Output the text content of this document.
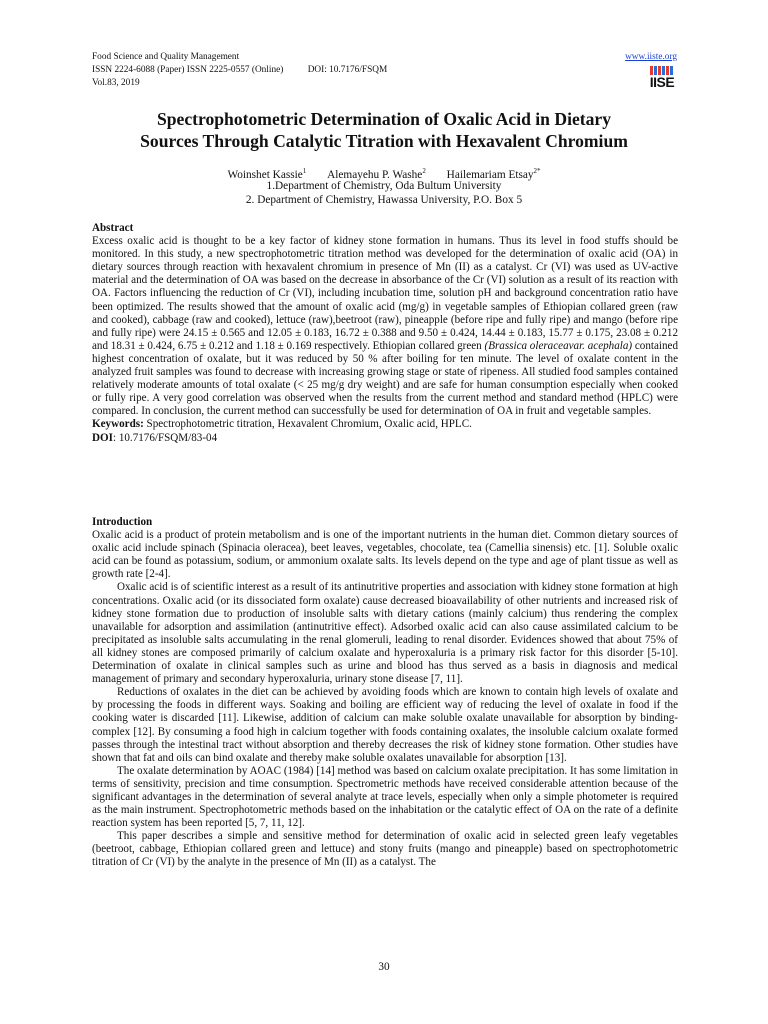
Food Science and Quality Management
ISSN 2224-6088 (Paper) ISSN 2225-0557 (Online)	DOI: 10.7176/FSQM
Vol.83, 2019
www.iiste.org
IISE
Spectrophotometric Determination of Oxalic Acid in Dietary
Sources Through Catalytic Titration with Hexavalent Chromium
Woinshet Kassie$^1$ Alemayehu P. Washe$^2$ Hailemariam Etsay$^{2*}$
1.Department of Chemistry, Oda Bultum University
2. Department of Chemistry, Hawassa University, P.O. Box 5

Abstract

Excess oxalic acid is thought to be a key factor of kidney stone formation in humans. Thus its level in food stuffs should be monitored. In this study, a new spectrophotometric titration method was developed for the determination of oxalic acid (OA) in dietary sources through reaction with hexavalent chromium in presence of Mn (II) as a catalyst. Cr (VI) was used as UV-active material and the determination of OA was based on the decrease in absorbance of the Cr (VI) solution as a result of its reaction with OA. Factors influencing the reduction of Cr (VI), including incubation time, solution pH and background concentration ratio have been optimized. The results showed that the amount of oxalic acid (mg/g) in vegetable samples of Ethiopian collared green (raw and cooked), cabbage (raw and cooked), lettuce (raw),beetroot (raw), pineapple (before ripe and fully ripe) and mango (before ripe and fully ripe) were 24.15 ± 0.565 and 12.05 ± 0.183, 16.72 ± 0.388 and 9.50 ± 0.424, 14.44 ± 0.183, 15.77 ± 0.175, 23.08 ± 0.212 and 18.31 ± 0.424, 6.75 ± 0.212 and 1.18 ± 0.169 respectively. Ethiopian collared green (Brassica oleraceavar. acephala) contained highest concentration of oxalate, but it was reduced by 50 % after boiling for ten minute. The level of oxalate content in the analyzed fruit samples was found to decrease with increasing growing stage or state of ripeness. All studied food samples contained relatively moderate amounts of total oxalate (< 25 mg/g dry weight) and are safe for human consumption especially when cooked or fully ripe. A very good correlation was observed when the results from the current method and standard method (HPLC) were compared. In conclusion, the current method can successfully be used for determination of OA in fruit and vegetable samples.

Keywords: Spectrophotometric titration, Hexavalent Chromium, Oxalic acid, HPLC.

DOI: 10.7176/FSQM/83-04

Introduction

Oxalic acid is a product of protein metabolism and is one of the important nutrients in the human diet. Common dietary sources of oxalic acid include spinach (Spinacia oleracea), beet leaves, vegetables, chocolate, tea (Camellia sinensis) etc. [1]. Soluble oxalic acid can be found as potassium, sodium, or ammonium oxalate salts. Its levels depend on the type and age of plant tissue as well as growth rate [2-4].

Oxalic acid is of scientific interest as a result of its antinutritive properties and association with kidney stone formation at high concentrations. Oxalic acid (or its dissociated form oxalate) cause decreased bioavailability of other nutrients and increased risk of kidney stone formation due to production of insoluble salts with dietary cations (mainly calcium) thus rendering the complex unavailable for adsorption and assimilation (antinutritive effect). Adsorbed oxalic acid can also cause assimilated calcium to be precipitated as insoluble salts accumulating in the renal glomeruli, leading to renal disorder. Evidences showed that about 75% of all kidney stones are composed primarily of calcium oxalate and hyperoxaluria is a primary risk factor for this disorder [5-10]. Determination of oxalate in clinical samples such as urine and blood has thus served as a basis in diagnosis and medical management of primary and secondary hyperoxaluria, urinary stone disease [7, 11].

Reductions of oxalates in the diet can be achieved by avoiding foods which are known to contain high levels of oxalate and by processing the foods in different ways. Soaking and boiling are efficient way of reducing the level of oxalate in food if the cooking water is discarded [11]. Likewise, addition of calcium can make soluble oxalate unavailable for absorption by binding- complex [12]. By consuming a food high in calcium together with foods containing oxalates, the insoluble calcium oxalate formed passes through the intestinal tract without absorption and thereby decreases the risk of kidney stone formation. Other studies have shown that fat and oils can bind oxalate and thereby make soluble oxalates unavailable for absorption [13].

The oxalate determination by AOAC (1984) [14] method was based on calcium oxalate precipitation. It has some limitation in terms of sensitivity, precision and time consumption. Spectrometric methods have received considerable attention because of the significant advantages in the determination of several analyte at trace levels, especially when only a simple photometer is required as the main instrument. Spectrophotometric methods based on the inhabitation or the catalytic effect of OA on the rate of a definite reaction system has been reported [5, 7, 11, 12].

This paper describes a simple and sensitive method for determination of oxalic acid in selected green leafy vegetables (beetroot, cabbage, Ethiopian collared green and lettuce) and stony fruits (mango and pineapple) based on spectrophotometric titration of Cr (VI) by the analyte in the presence of Mn (II) as a catalyst. The

30
